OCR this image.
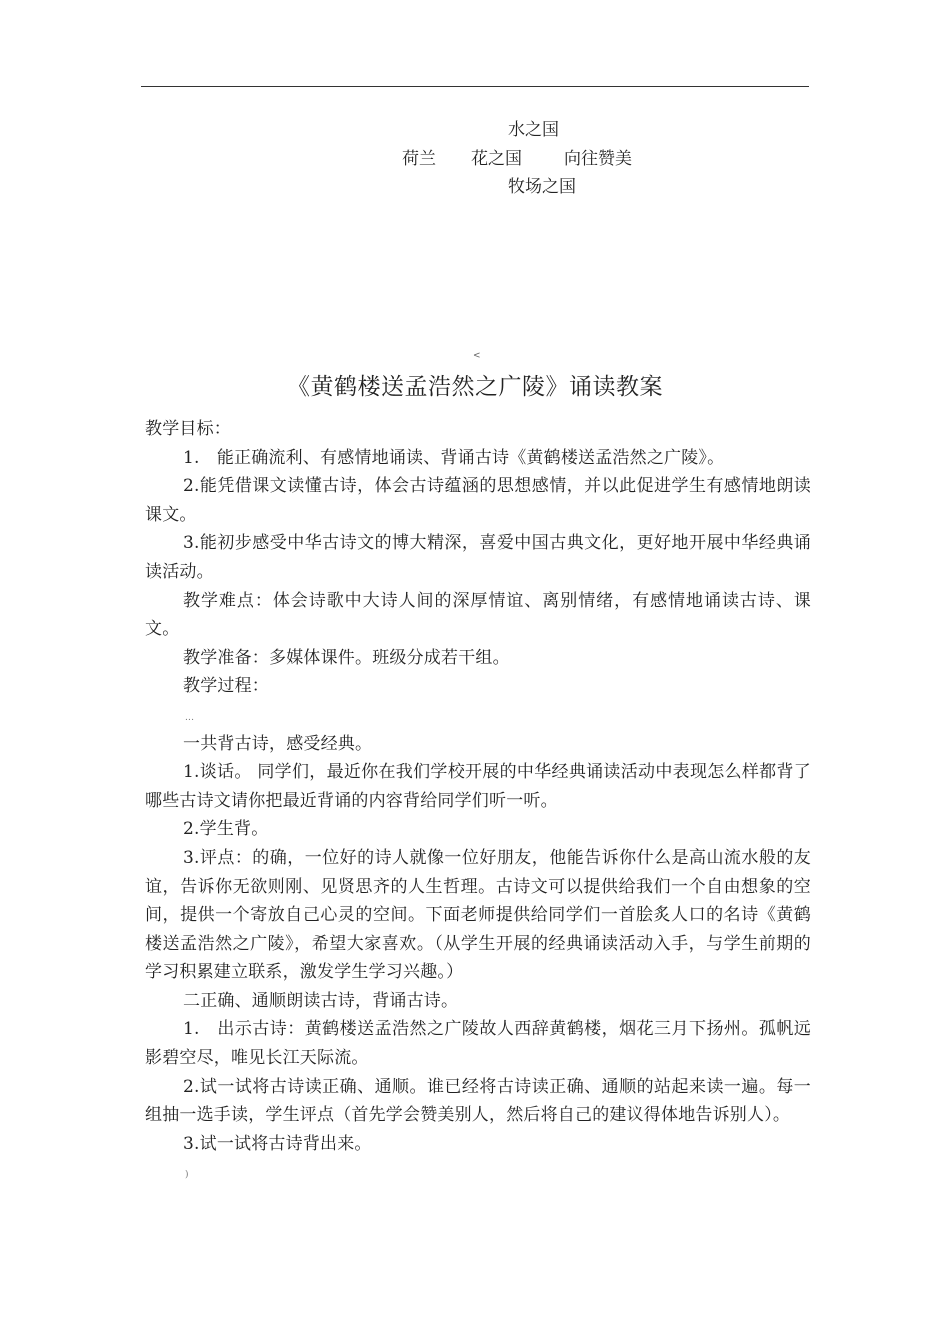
水之国
荷兰 花之国 向往赞美
牧场之国
<
《黄鹤楼送孟浩然之广陵》诵读教案

教学目标：

1.　能正确流利、有感情地诵读、背诵古诗《黄鹤楼送孟浩然之广陵》。

2.能凭借课文读懂古诗，体会古诗蕴涵的思想感情，并以此促进学生有感情地朗读课文。

3.能初步感受中华古诗文的博大精深，喜爱中国古典文化，更好地开展中华经典诵读活动。

教学难点：体会诗歌中大诗人间的深厚情谊、离别情绪，有感情地诵读古诗、课文。

教学准备：多媒体课件。班级分成若干组。

教学过程：

...

一共背古诗，感受经典。

1.谈话。 同学们，最近你在我们学校开展的中华经典诵读活动中表现怎么样都背了哪些古诗文请你把最近背诵的内容背给同学们听一听。

2.学生背。

3.评点：的确，一位好的诗人就像一位好朋友，他能告诉你什么是高山流水般的友谊，告诉你无欲则刚、见贤思齐的人生哲理。古诗文可以提供给我们一个自由想象的空间，提供一个寄放自己心灵的空间。下面老师提供给同学们一首脍炙人口的名诗《黄鹤楼送孟浩然之广陵》，希望大家喜欢。（从学生开展的经典诵读活动入手，与学生前期的学习积累建立联系，激发学生学习兴趣。）

二正确、通顺朗读古诗，背诵古诗。

1.　出示古诗：黄鹤楼送孟浩然之广陵故人西辞黄鹤楼，烟花三月下扬州。孤帆远影碧空尽，唯见长江天际流。

2.试一试将古诗读正确、通顺。谁已经将古诗读正确、通顺的站起来读一遍。每一组抽一选手读，学生评点（首先学会赞美别人，然后将自己的建议得体地告诉别人）。

3.试一试将古诗背出来。

)
